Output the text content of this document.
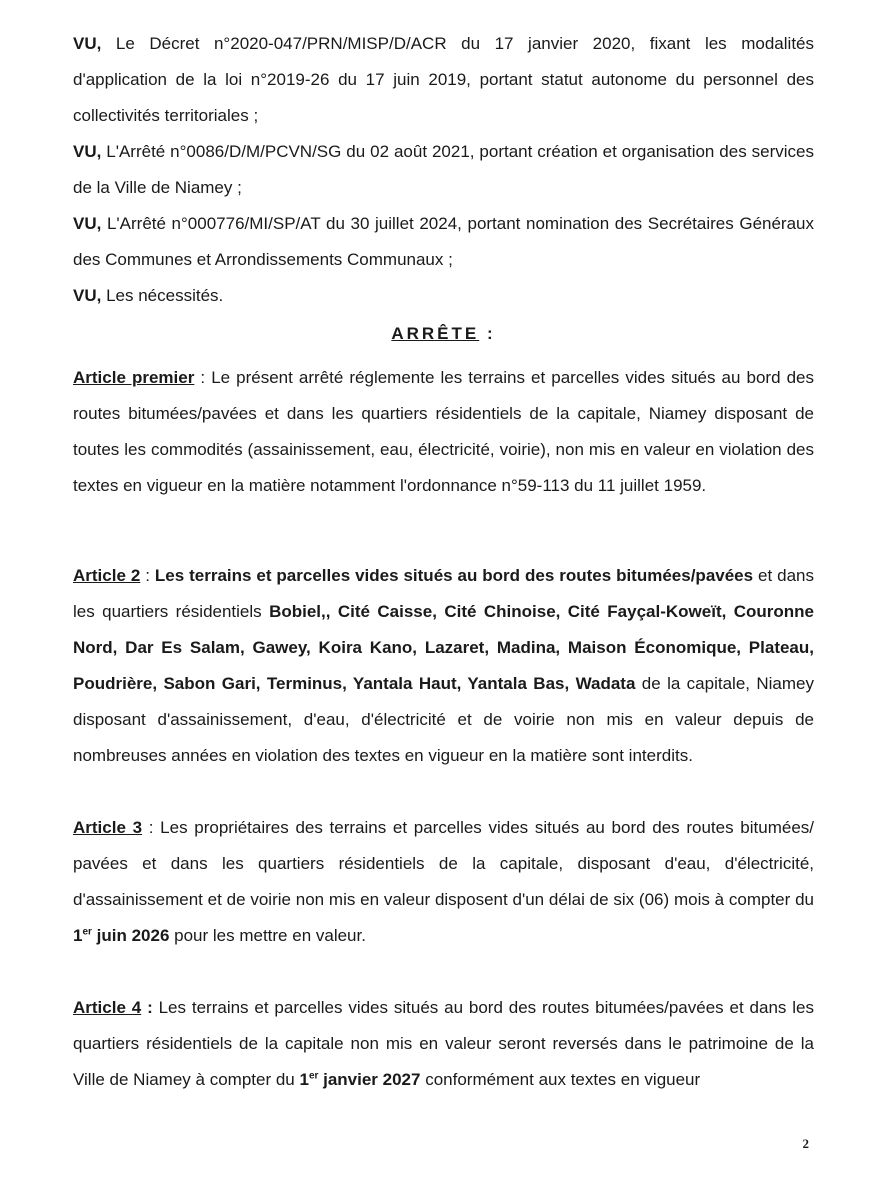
VU, Le Décret n°2020-047/PRN/MISP/D/ACR du 17 janvier 2020, fixant les modalités d'application de la loi n°2019-26 du 17 juin 2019, portant statut autonome du personnel des collectivités territoriales ;

VU, L'Arrêté n°0086/D/M/PCVN/SG du 02 août 2021, portant création et organisation des services de la Ville de Niamey ;

VU, L'Arrêté n°000776/MI/SP/AT du 30 juillet 2024, portant nomination des Secrétaires Généraux des Communes et Arrondissements Communaux ;

VU, Les nécessités.

ARRÊTE :

Article premier : Le présent arrêté réglemente les terrains et parcelles vides situés au bord des routes bitumées/pavées et dans les quartiers résidentiels de la capitale, Niamey disposant de toutes les commodités (assainissement, eau, électricité, voirie), non mis en valeur en violation des textes en vigueur en la matière notamment l'ordonnance n°59-113 du 11 juillet 1959.

Article 2 : Les terrains et parcelles vides situés au bord des routes bitumées/pavées et dans les quartiers résidentiels Bobiel,, Cité Caisse, Cité Chinoise, Cité Fayçal-Koweït, Couronne Nord, Dar Es Salam, Gawey, Koira Kano, Lazaret, Madina, Maison Économique, Plateau, Poudrière, Sabon Gari, Terminus, Yantala Haut, Yantala Bas, Wadata de la capitale, Niamey disposant d'assainissement, d'eau, d'électricité et de voirie non mis en valeur depuis de nombreuses années en violation des textes en vigueur en la matière sont interdits.

Article 3 : Les propriétaires des terrains et parcelles vides situés au bord des routes bitumées/ pavées et dans les quartiers résidentiels de la capitale, disposant d'eau, d'électricité, d'assainissement et de voirie non mis en valeur disposent d'un délai de six (06) mois à compter du 1er juin 2026 pour les mettre en valeur.

Article 4 : Les terrains et parcelles vides situés au bord des routes bitumées/pavées et dans les quartiers résidentiels de la capitale non mis en valeur seront reversés dans le patrimoine de la Ville de Niamey à compter du 1er janvier 2027 conformément aux textes en vigueur

2
